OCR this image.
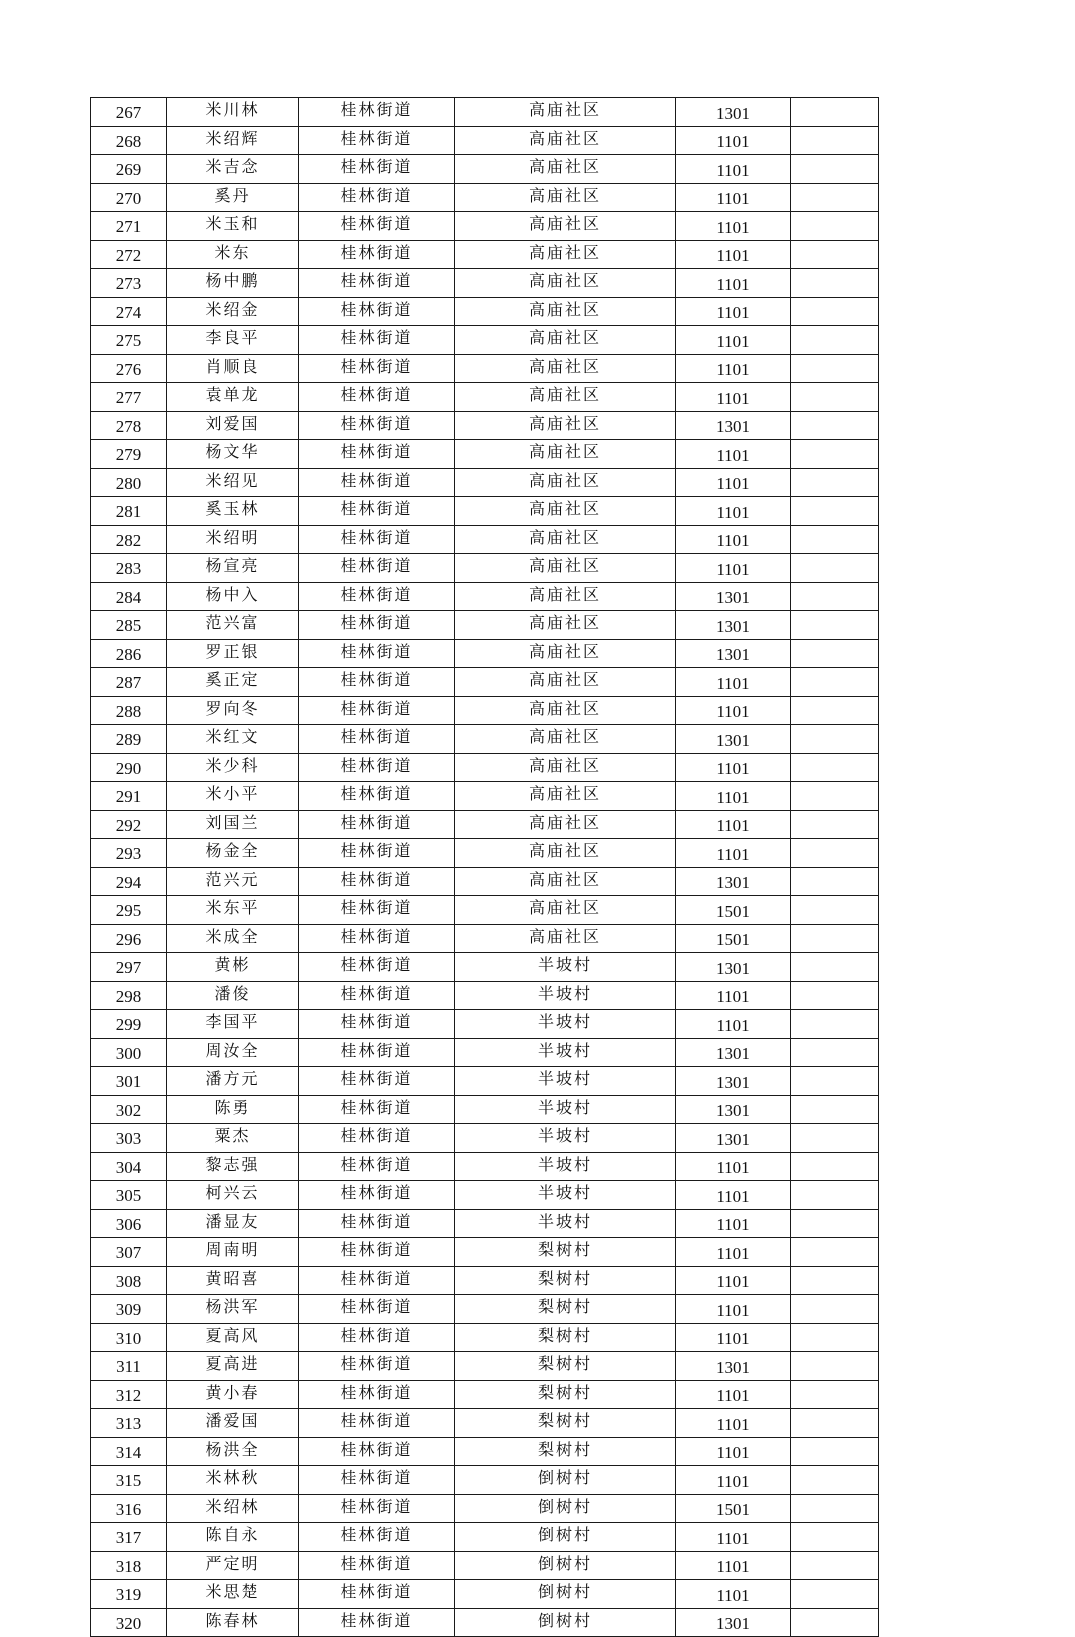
267	米川林	桂林街道	高庙社区	1301	
268	米绍辉	桂林街道	高庙社区	1101	
269	米吉念	桂林街道	高庙社区	1101	
270	奚丹	桂林街道	高庙社区	1101	
271	米玉和	桂林街道	高庙社区	1101	
272	米东	桂林街道	高庙社区	1101	
273	杨中鹏	桂林街道	高庙社区	1101	
274	米绍金	桂林街道	高庙社区	1101	
275	李良平	桂林街道	高庙社区	1101	
276	肖顺良	桂林街道	高庙社区	1101	
277	袁单龙	桂林街道	高庙社区	1101	
278	刘爱国	桂林街道	高庙社区	1301	
279	杨文华	桂林街道	高庙社区	1101	
280	米绍见	桂林街道	高庙社区	1101	
281	奚玉林	桂林街道	高庙社区	1101	
282	米绍明	桂林街道	高庙社区	1101	
283	杨宣亮	桂林街道	高庙社区	1101	
284	杨中入	桂林街道	高庙社区	1301	
285	范兴富	桂林街道	高庙社区	1301	
286	罗正银	桂林街道	高庙社区	1301	
287	奚正定	桂林街道	高庙社区	1101	
288	罗向冬	桂林街道	高庙社区	1101	
289	米红文	桂林街道	高庙社区	1301	
290	米少科	桂林街道	高庙社区	1101	
291	米小平	桂林街道	高庙社区	1101	
292	刘国兰	桂林街道	高庙社区	1101	
293	杨金全	桂林街道	高庙社区	1101	
294	范兴元	桂林街道	高庙社区	1301	
295	米东平	桂林街道	高庙社区	1501	
296	米成全	桂林街道	高庙社区	1501	
297	黄彬	桂林街道	半坡村	1301	
298	潘俊	桂林街道	半坡村	1101	
299	李国平	桂林街道	半坡村	1101	
300	周汝全	桂林街道	半坡村	1301	
301	潘方元	桂林街道	半坡村	1301	
302	陈勇	桂林街道	半坡村	1301	
303	粟杰	桂林街道	半坡村	1301	
304	黎志强	桂林街道	半坡村	1101	
305	柯兴云	桂林街道	半坡村	1101	
306	潘显友	桂林街道	半坡村	1101	
307	周南明	桂林街道	梨树村	1101	
308	黄昭喜	桂林街道	梨树村	1101	
309	杨洪军	桂林街道	梨树村	1101	
310	夏高风	桂林街道	梨树村	1101	
311	夏高进	桂林街道	梨树村	1301	
312	黄小春	桂林街道	梨树村	1101	
313	潘爱国	桂林街道	梨树村	1101	
314	杨洪全	桂林街道	梨树村	1101	
315	米林秋	桂林街道	倒树村	1101	
316	米绍林	桂林街道	倒树村	1501	
317	陈自永	桂林街道	倒树村	1101	
318	严定明	桂林街道	倒树村	1101	
319	米思楚	桂林街道	倒树村	1101	
320	陈春林	桂林街道	倒树村	1301	
